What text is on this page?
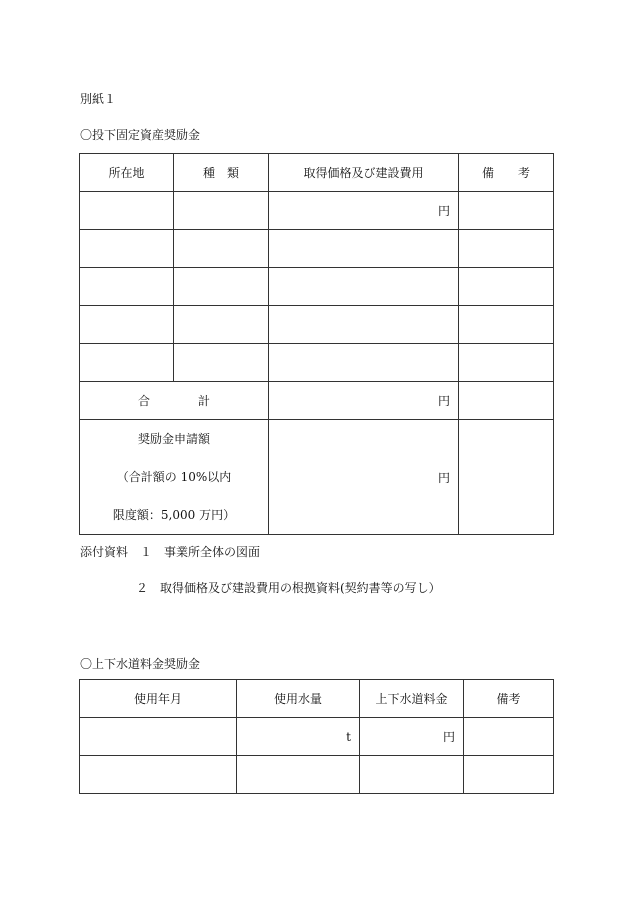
別紙１
〇投下固定資産奨励金
所在地	種　類	取得価格及び建設費用	備　　考
		円	

合　　　　計		円	

奨励金申請額
（合計額の 10%以内
限度額：5,000 万円）		円	
添付資料　１　事業所全体の図面
２　取得価格及び建設費用の根拠資料(契約書等の写し）
〇上下水道料金奨励金
使用年月	使用水量	上下水道料金	備考
	t	円	
